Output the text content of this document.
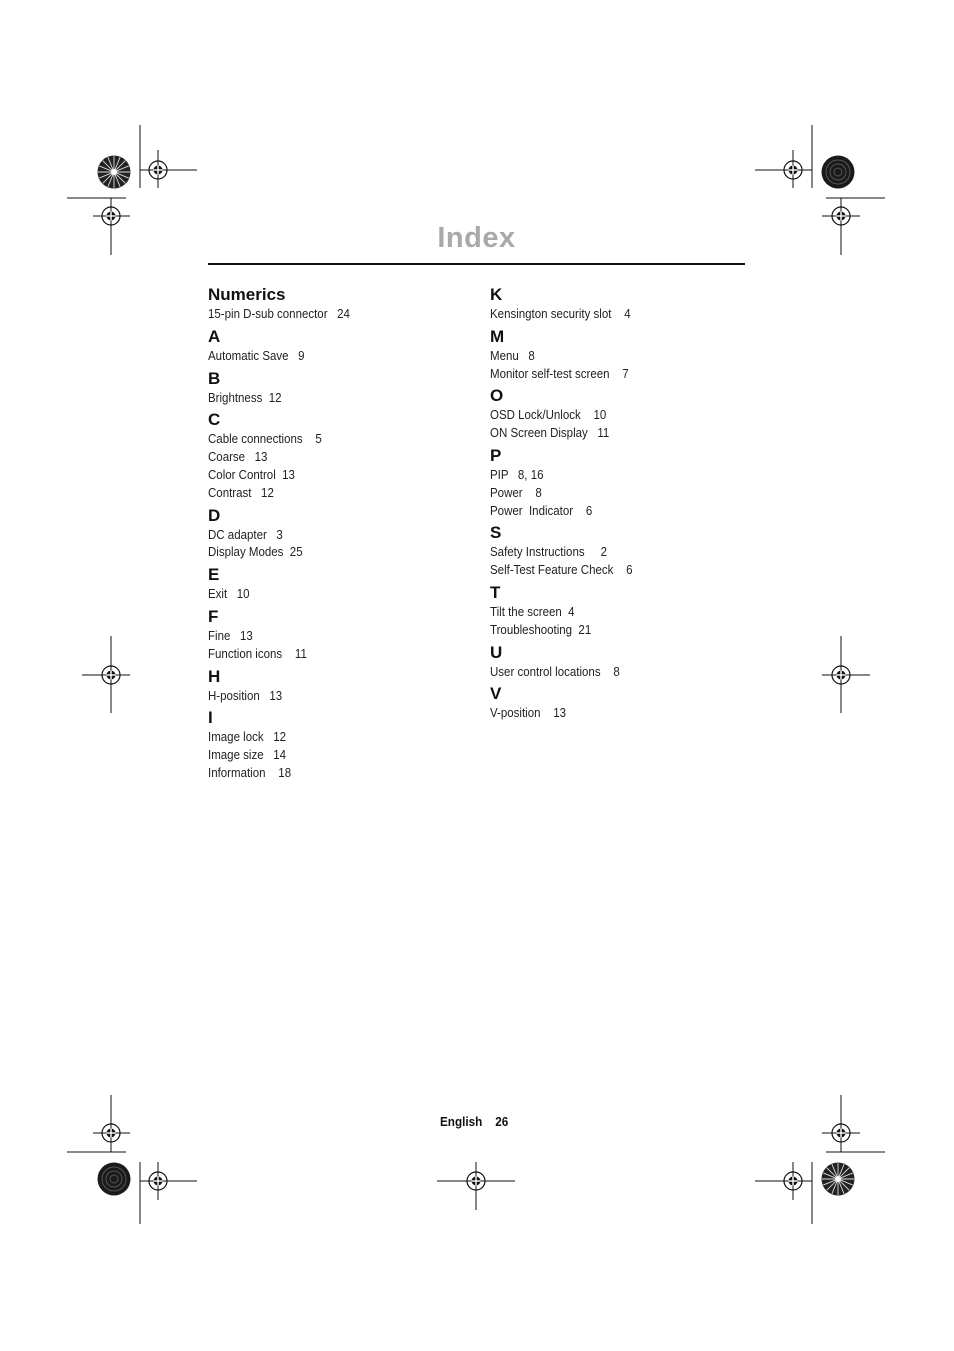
Index
Numerics
15-pin D-sub connector   24
A
Automatic Save   9
B
Brightness  12
C
Cable connections    5
Coarse   13
Color Control  13
Contrast   12
D
DC adapter   3
Display Modes  25
E
Exit   10
F
Fine   13
Function icons    11
H
H-position   13
I
Image lock   12
Image size   14
Information    18
K
Kensington security slot    4
M
Menu   8
Monitor self-test screen    7
O
OSD Lock/Unlock    10
ON Screen Display   11
P
PIP   8, 16
Power    8
Power  Indicator    6
S
Safety Instructions     2
Self-Test Feature Check    6
T
Tilt the screen  4
Troubleshooting  21
U
User control locations    8
V
V-position    13
English 26
